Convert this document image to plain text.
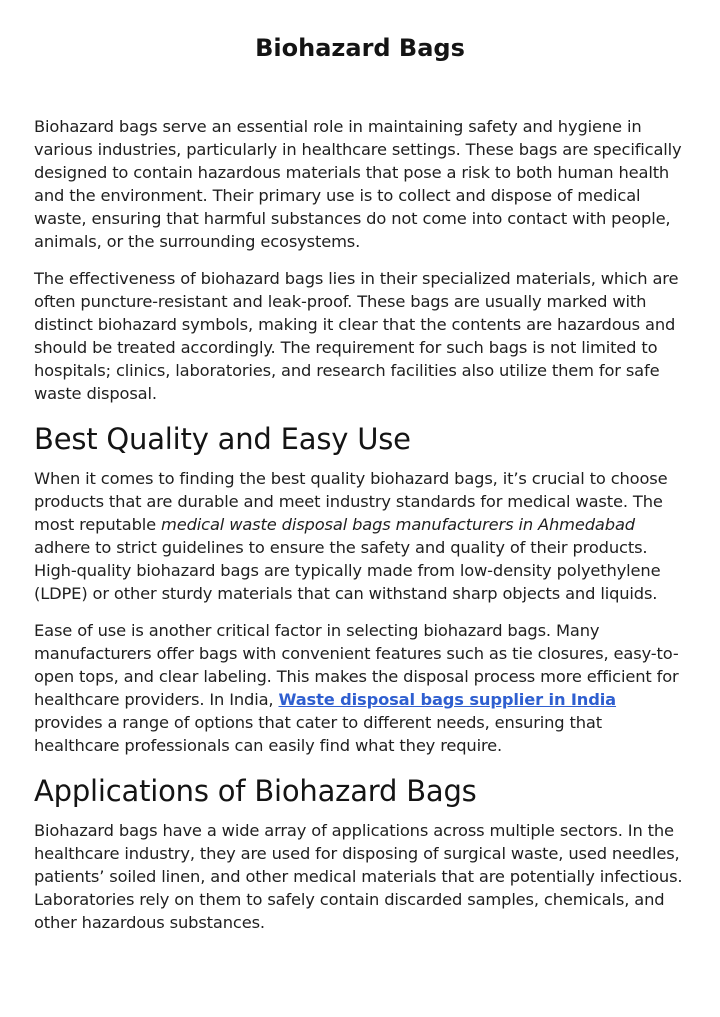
Biohazard Bags

Biohazard bags serve an essential role in maintaining safety and hygiene in various industries, particularly in healthcare settings. These bags are specifically designed to contain hazardous materials that pose a risk to both human health and the environment. Their primary use is to collect and dispose of medical waste, ensuring that harmful substances do not come into contact with people, animals, or the surrounding ecosystems.

The effectiveness of biohazard bags lies in their specialized materials, which are often puncture-resistant and leak-proof. These bags are usually marked with distinct biohazard symbols, making it clear that the contents are hazardous and should be treated accordingly. The requirement for such bags is not limited to hospitals; clinics, laboratories, and research facilities also utilize them for safe waste disposal.

Best Quality and Easy Use

When it comes to finding the best quality biohazard bags, it’s crucial to choose products that are durable and meet industry standards for medical waste. The most reputable medical waste disposal bags manufacturers in Ahmedabad adhere to strict guidelines to ensure the safety and quality of their products. High-quality biohazard bags are typically made from low-density polyethylene (LDPE) or other sturdy materials that can withstand sharp objects and liquids.

Ease of use is another critical factor in selecting biohazard bags. Many manufacturers offer bags with convenient features such as tie closures, easy-to-open tops, and clear labeling. This makes the disposal process more efficient for healthcare providers. In India, Waste disposal bags supplier in India provides a range of options that cater to different needs, ensuring that healthcare professionals can easily find what they require.

Applications of Biohazard Bags

Biohazard bags have a wide array of applications across multiple sectors. In the healthcare industry, they are used for disposing of surgical waste, used needles, patients’ soiled linen, and other medical materials that are potentially infectious. Laboratories rely on them to safely contain discarded samples, chemicals, and other hazardous substances.
